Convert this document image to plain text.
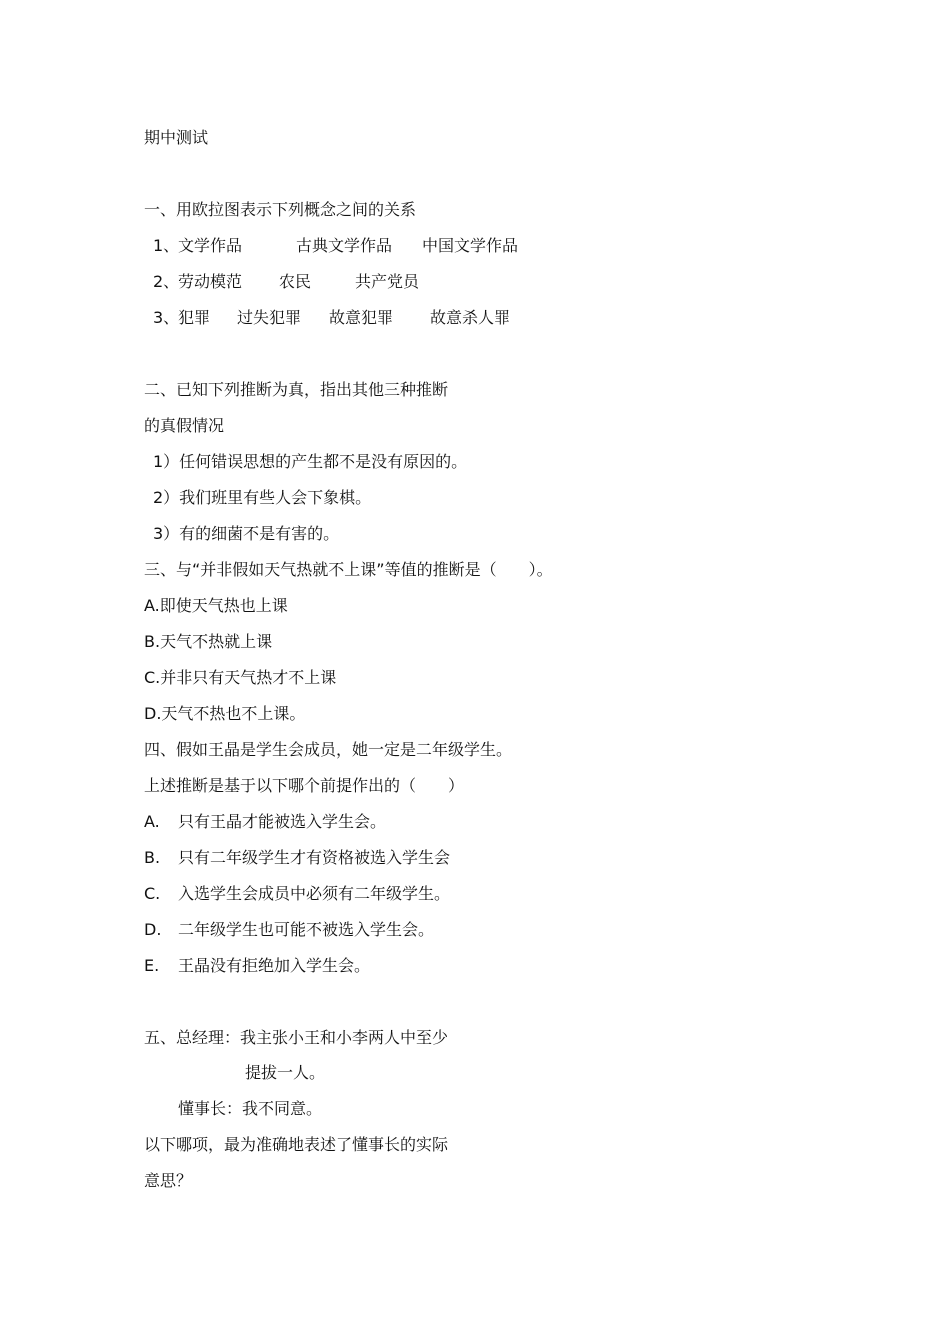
期中测试
一、用欧拉图表示下列概念之间的关系
1、
文学作品	古典文学作品 中国文学作品
2、
劳动模范 农民	共产党员
3、
犯罪 过失犯罪 故意犯罪 故意杀人罪
二、已知下列推断为真，指出其他三种推断
的真假情况
1）任何错误思想的产生都不是没有原因的。
2）我们班里有些人会下象棋。
3）有的细菌不是有害的。
三、与“并非假如天气热就不上课”等值的推断是（　　）。
A.即使天气热也上课
B.天气不热就上课
C.并非只有天气热才不上课
D.天气不热也不上课。
四、假如王晶是学生会成员，她一定是二年级学生。
上述推断是基于以下哪个前提作出的（　　）
A. 只有王晶才能被选入学生会。
B. 只有二年级学生才有资格被选入学生会
C. 入选学生会成员中必须有二年级学生。
D. 二年级学生也可能不被选入学生会。
E. 王晶没有拒绝加入学生会。
五、总经理：我主张小王和小李两人中至少
提拔一人。
懂事长：我不同意。
以下哪项，最为准确地表述了懂事长的实际
意思？
